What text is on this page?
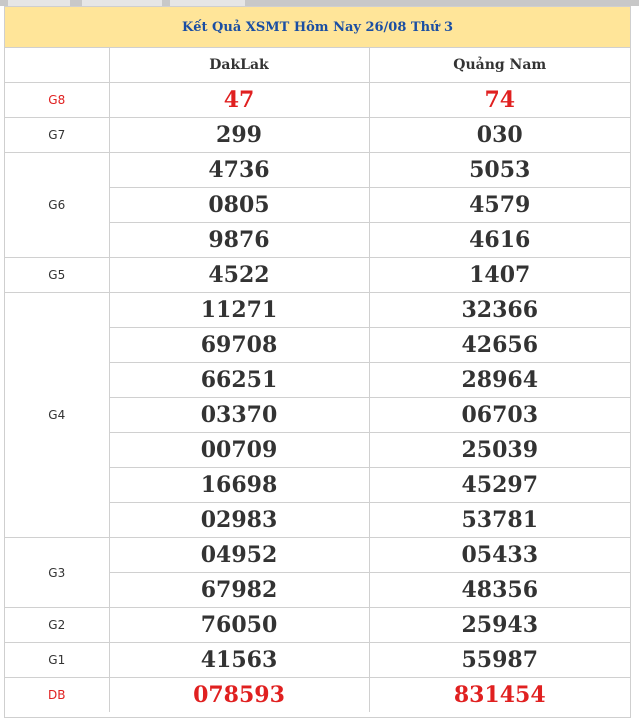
Kết Quả XSMT Hôm Nay 26/08 Thứ 3
	DakLak	Quảng Nam
G8	47	74
G7	299	030
G6	4736	5053
	0805	4579
	9876	4616
G5	4522	1407
G4	11271	32366
	69708	42656
	66251	28964
	03370	06703
	00709	25039
	16698	45297
	02983	53781
G3	04952	05433
	67982	48356
G2	76050	25943
G1	41563	55987
DB	078593	831454
